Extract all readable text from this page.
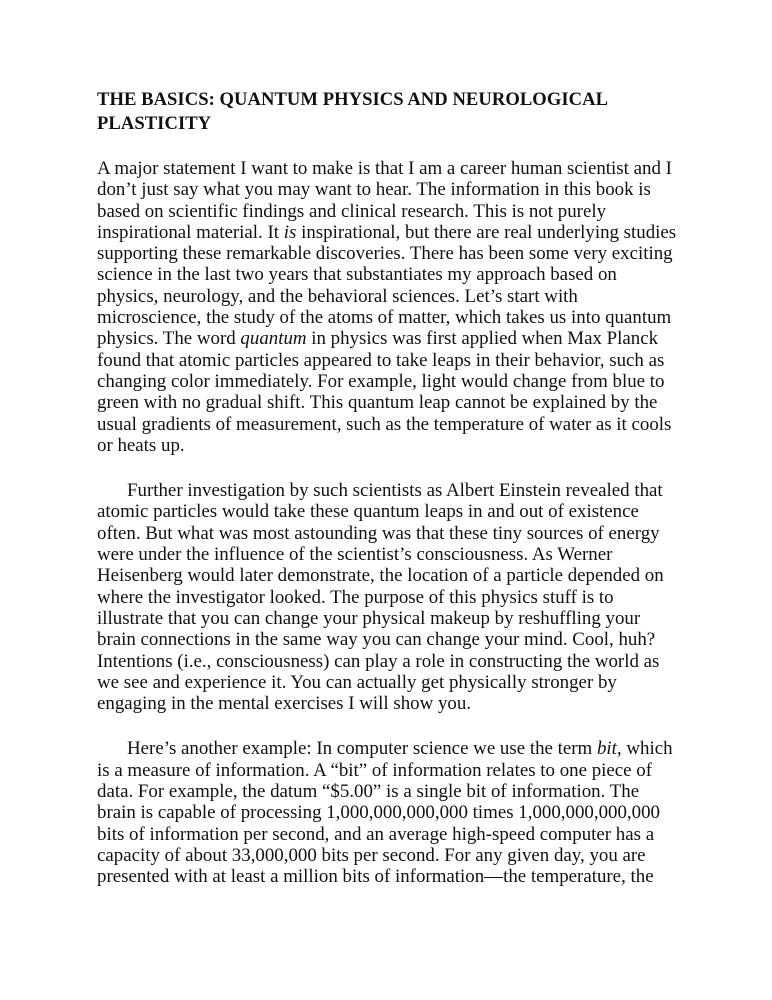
THE BASICS: QUANTUM PHYSICS AND NEUROLOGICAL PLASTICITY

A major statement I want to make is that I am a career human scientist and I don’t just say what you may want to hear. The information in this book is based on scientific findings and clinical research. This is not purely inspirational material. It is inspirational, but there are real underlying studies supporting these remarkable discoveries. There has been some very exciting science in the last two years that substantiates my approach based on physics, neurology, and the behavioral sciences. Let’s start with microscience, the study of the atoms of matter, which takes us into quantum physics. The word quantum in physics was first applied when Max Planck found that atomic particles appeared to take leaps in their behavior, such as changing color immediately. For example, light would change from blue to green with no gradual shift. This quantum leap cannot be explained by the usual gradients of measurement, such as the temperature of water as it cools or heats up.

Further investigation by such scientists as Albert Einstein revealed that atomic particles would take these quantum leaps in and out of existence often. But what was most astounding was that these tiny sources of energy were under the influence of the scientist’s consciousness. As Werner Heisenberg would later demonstrate, the location of a particle depended on where the investigator looked. The purpose of this physics stuff is to illustrate that you can change your physical makeup by reshuffling your brain connections in the same way you can change your mind. Cool, huh? Intentions (i.e., consciousness) can play a role in constructing the world as we see and experience it. You can actually get physically stronger by engaging in the mental exercises I will show you.

Here’s another example: In computer science we use the term bit, which is a measure of information. A “bit” of information relates to one piece of data. For example, the datum “$5.00” is a single bit of information. The brain is capable of processing 1,000,000,000,000 times 1,000,000,000,000 bits of information per second, and an average high-speed computer has a capacity of about 33,000,000 bits per second. For any given day, you are presented with at least a million bits of information—the temperature, the
